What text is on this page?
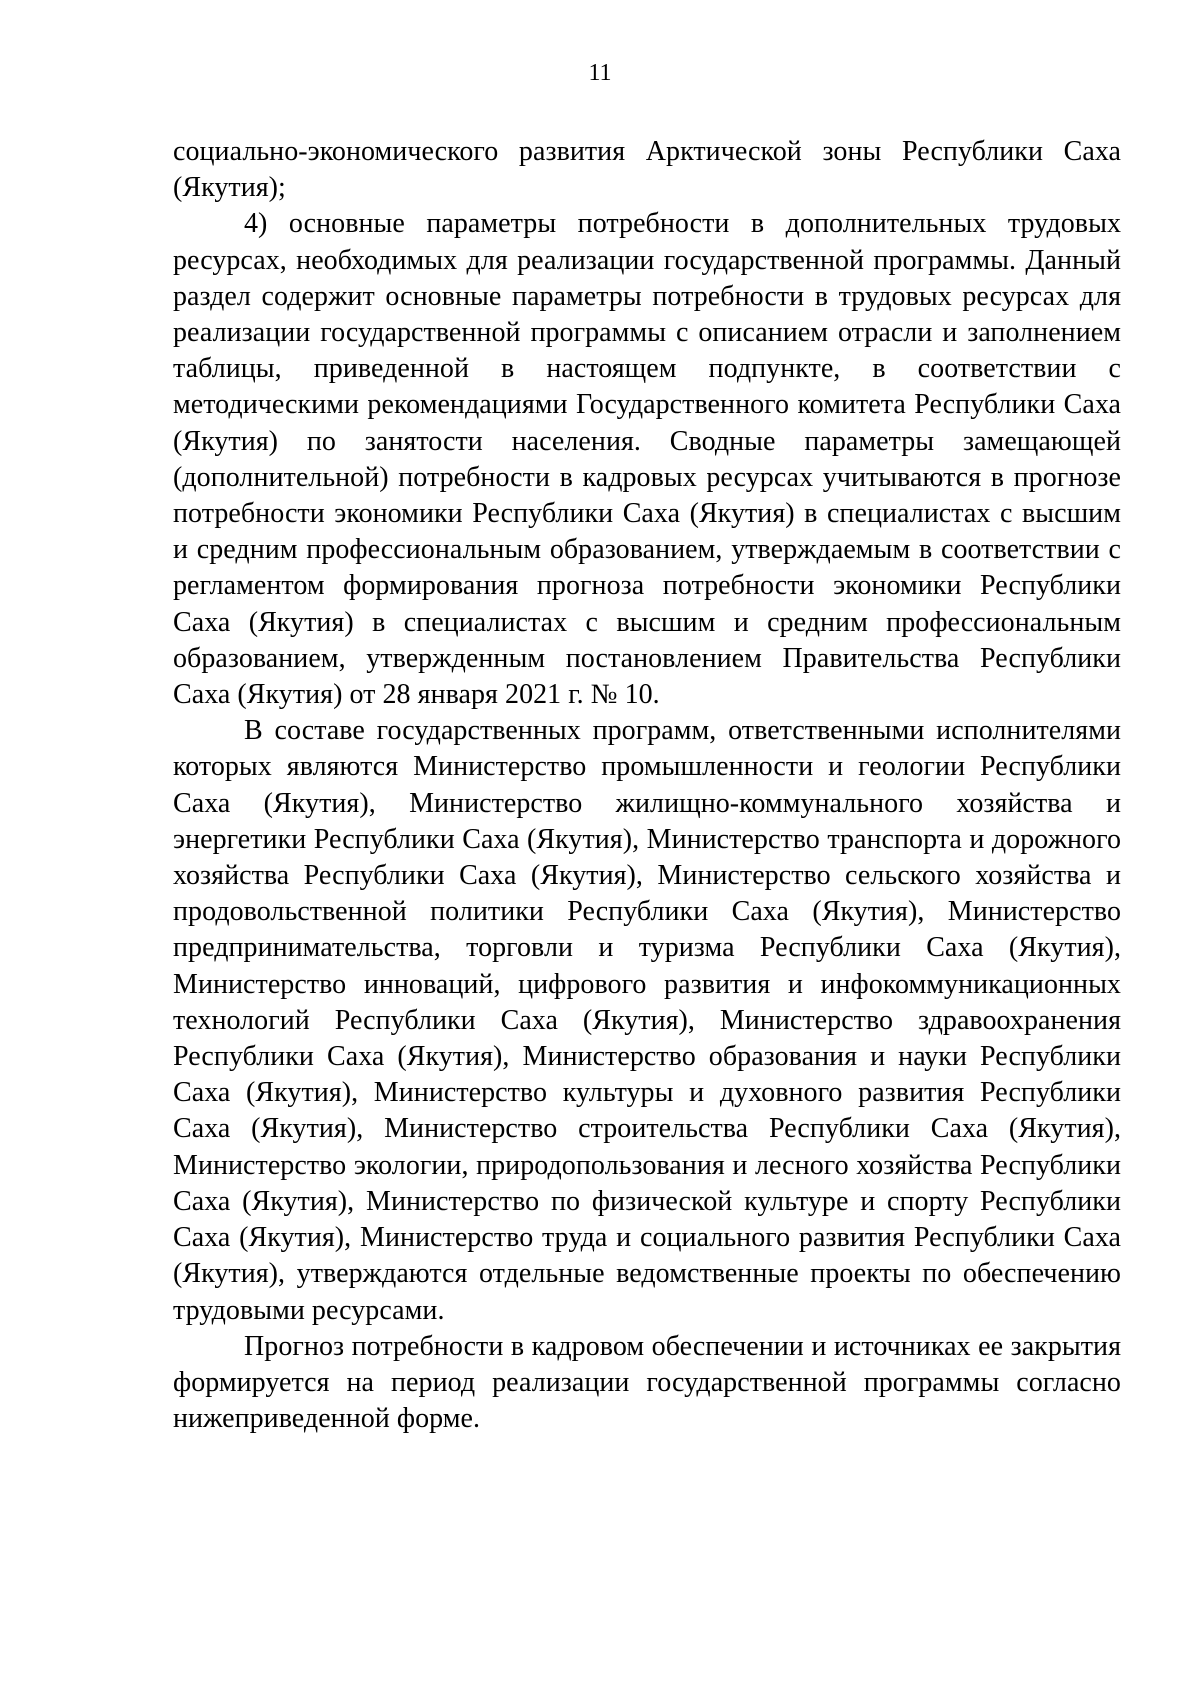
11

социально-экономического развития Арктической зоны Республики Саха (Якутия);

4) основные параметры потребности в дополнительных трудовых ресурсах, необходимых для реализации государственной программы. Данный раздел содержит основные параметры потребности в трудовых ресурсах для реализации государственной программы с описанием отрасли и заполнением таблицы, приведенной в настоящем подпункте, в соответствии с методическими рекомендациями Государственного комитета Республики Саха (Якутия) по занятости населения. Сводные параметры замещающей (дополнительной) потребности в кадровых ресурсах учитываются в прогнозе потребности экономики Республики Саха (Якутия) в специалистах с высшим и средним профессиональным образованием, утверждаемым в соответствии с регламентом формирования прогноза потребности экономики Республики Саха (Якутия) в специалистах с высшим и средним профессиональным образованием, утвержденным постановлением Правительства Республики Саха (Якутия) от 28 января 2021 г. № 10.

В составе государственных программ, ответственными исполнителями которых являются Министерство промышленности и геологии Республики Саха (Якутия), Министерство жилищно-коммунального хозяйства и энергетики Республики Саха (Якутия), Министерство транспорта и дорожного хозяйства Республики Саха (Якутия), Министерство сельского хозяйства и продовольственной политики Республики Саха (Якутия), Министерство предпринимательства, торговли и туризма Республики Саха (Якутия), Министерство инноваций, цифрового развития и инфокоммуникационных технологий Республики Саха (Якутия), Министерство здравоохранения Республики Саха (Якутия), Министерство образования и науки Республики Саха (Якутия), Министерство культуры и духовного развития Республики Саха (Якутия), Министерство строительства Республики Саха (Якутия), Министерство экологии, природопользования и лесного хозяйства Республики Саха (Якутия), Министерство по физической культуре и спорту Республики Саха (Якутия), Министерство труда и социального развития Республики Саха (Якутия), утверждаются отдельные ведомственные проекты по обеспечению трудовыми ресурсами.

Прогноз потребности в кадровом обеспечении и источниках ее закрытия формируется на период реализации государственной программы согласно нижеприведенной форме.
